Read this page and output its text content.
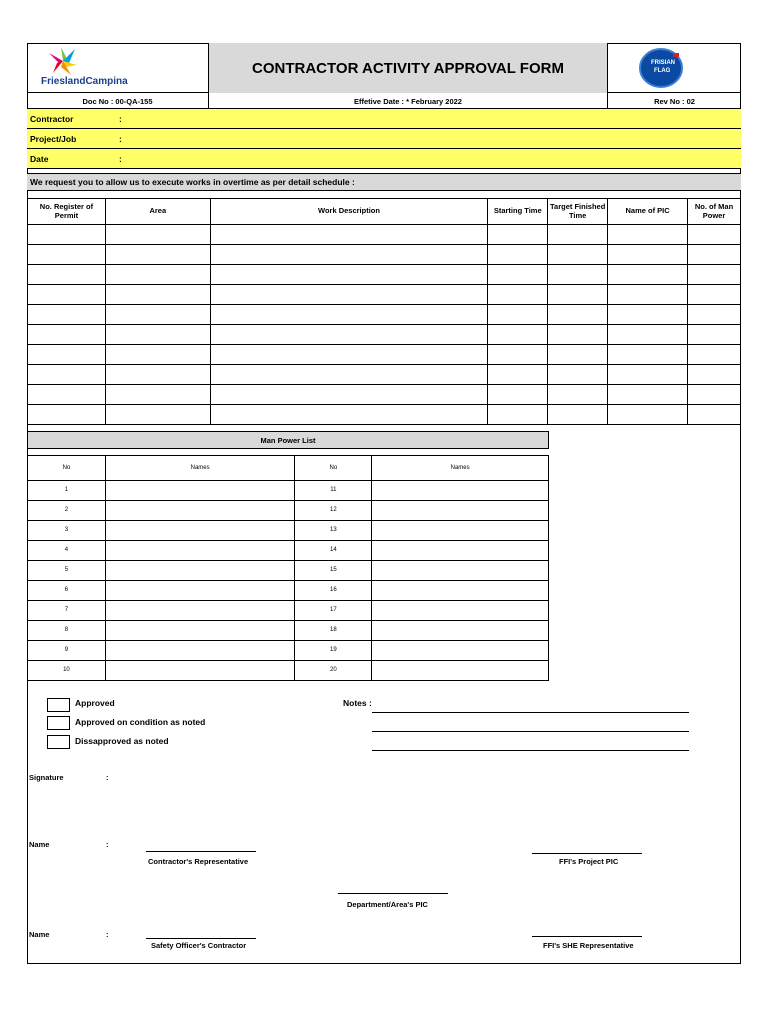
FrieslandCampina
CONTRACTOR ACTIVITY APPROVAL FORM	FRISIAN
FLAG
Doc No : 00-QA-155	Effetive Date : * February 2022	Rev No : 02
Contractor	:
Project/Job	:
Date	:
We request you to allow us to execute works in overtime as per detail schedule :
No. Register of Permit	Area	Work Description	Starting Time	Target Finished Time	Name of PIC	No. of Man Power

Man Power List
No	Names	No	Names
1		11	
2		12	
3		13	
4		14	
5		15	
6		16	
7		17	
8		18	
9		19	
10		20	
Approved
Approved on condition as noted
Dissapproved as noted
Notes :
Signature	:
Name	:
Contractor's Representative	FFI's Project PIC
Department/Area's PIC
Name	:
Safety Officer's Contractor	FFI's SHE Representative
